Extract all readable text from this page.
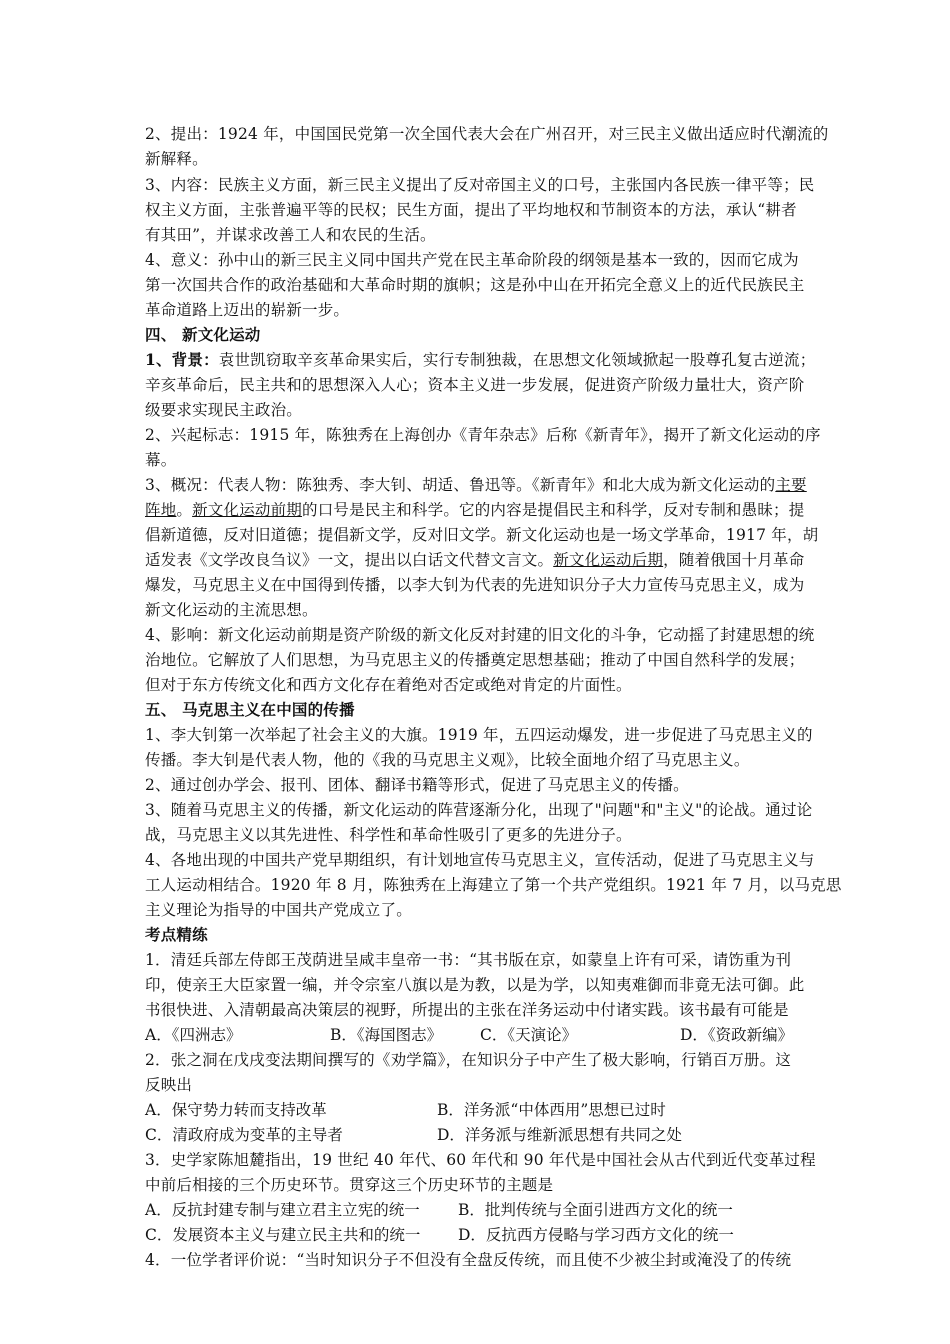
2、提出：1924 年，中国国民党第一次全国代表大会在广州召开，对三民主义做出适应时代潮流的
新解释。
3、内容：民族主义方面，新三民主义提出了反对帝国主义的口号，主张国内各民族一律平等；民
权主义方面，主张普遍平等的民权；民生方面，提出了平均地权和节制资本的方法，承认“耕者
有其田”，并谋求改善工人和农民的生活。
4、意义：孙中山的新三民主义同中国共产党在民主革命阶段的纲领是基本一致的，因而它成为
第一次国共合作的政治基础和大革命时期的旗帜；这是孙中山在开拓完全意义上的近代民族民主
革命道路上迈出的崭新一步。
四、 新文化运动
1、背景：袁世凯窃取辛亥革命果实后，实行专制独裁，在思想文化领域掀起一股尊孔复古逆流；
辛亥革命后，民主共和的思想深入人心；资本主义进一步发展，促进资产阶级力量壮大，资产阶
级要求实现民主政治。
2、兴起标志：1915 年，陈独秀在上海创办《青年杂志》后称《新青年》，揭开了新文化运动的序
幕。
3、概况：代表人物：陈独秀、李大钊、胡适、鲁迅等。《新青年》和北大成为新文化运动的主要
阵地。新文化运动前期的口号是民主和科学。它的内容是提倡民主和科学，反对专制和愚昧；提
倡新道德，反对旧道德；提倡新文学，反对旧文学。新文化运动也是一场文学革命，1917 年，胡
适发表《文学改良刍议》一文，提出以白话文代替文言文。新文化运动后期，随着俄国十月革命
爆发，马克思主义在中国得到传播，以李大钊为代表的先进知识分子大力宣传马克思主义，成为
新文化运动的主流思想。
4、影响：新文化运动前期是资产阶级的新文化反对封建的旧文化的斗争，它动摇了封建思想的统
治地位。它解放了人们思想，为马克思主义的传播奠定思想基础；推动了中国自然科学的发展；
但对于东方传统文化和西方文化存在着绝对否定或绝对肯定的片面性。
五、 马克思主义在中国的传播
1、李大钊第一次举起了社会主义的大旗。1919 年，五四运动爆发，进一步促进了马克思主义的
传播。李大钊是代表人物，他的《我的马克思主义观》，比较全面地介绍了马克思主义。
2、通过创办学会、报刊、团体、翻译书籍等形式，促进了马克思主义的传播。
3、随着马克思主义的传播，新文化运动的阵营逐渐分化，出现了"问题"和"主义"的论战。通过论
战，马克思主义以其先进性、科学性和革命性吸引了更多的先进分子。
4、各地出现的中国共产党早期组织，有计划地宣传马克思主义，宣传活动，促进了马克思主义与
工人运动相结合。1920 年 8 月，陈独秀在上海建立了第一个共产党组织。1921 年 7 月，以马克思
主义理论为指导的中国共产党成立了。
考点精练
1．清廷兵部左侍郎王茂荫进呈咸丰皇帝一书：“其书版在京，如蒙皇上许有可采，请饬重为刊
印，使亲王大臣家置一编，并令宗室八旗以是为教，以是为学，以知夷难御而非竟无法可御。此
书很快进、入清朝最高决策层的视野，所提出的主张在洋务运动中付诸实践。该书最有可能是
A．《四洲志》	B．《海国图志》 C．《天演论》	D．《资政新编》
2．张之洞在戊戌变法期间撰写的《劝学篇》，在知识分子中产生了极大影响，行销百万册。这
反映出
A．保守势力转而支持改革	B．洋务派“中体西用”思想已过时
C．清政府成为变革的主导者	D．洋务派与维新派思想有共同之处
3．史学家陈旭麓指出，19 世纪 40 年代、60 年代和 90 年代是中国社会从古代到近代变革过程
中前后相接的三个历史环节。贯穿这三个历史环节的主题是
A．反抗封建专制与建立君主立宪的统一 B．批判传统与全面引进西方文化的统一
C．发展资本主义与建立民主共和的统一 D．反抗西方侵略与学习西方文化的统一
4．一位学者评价说：“当时知识分子不但没有全盘反传统，而且使不少被尘封或淹没了的传统
